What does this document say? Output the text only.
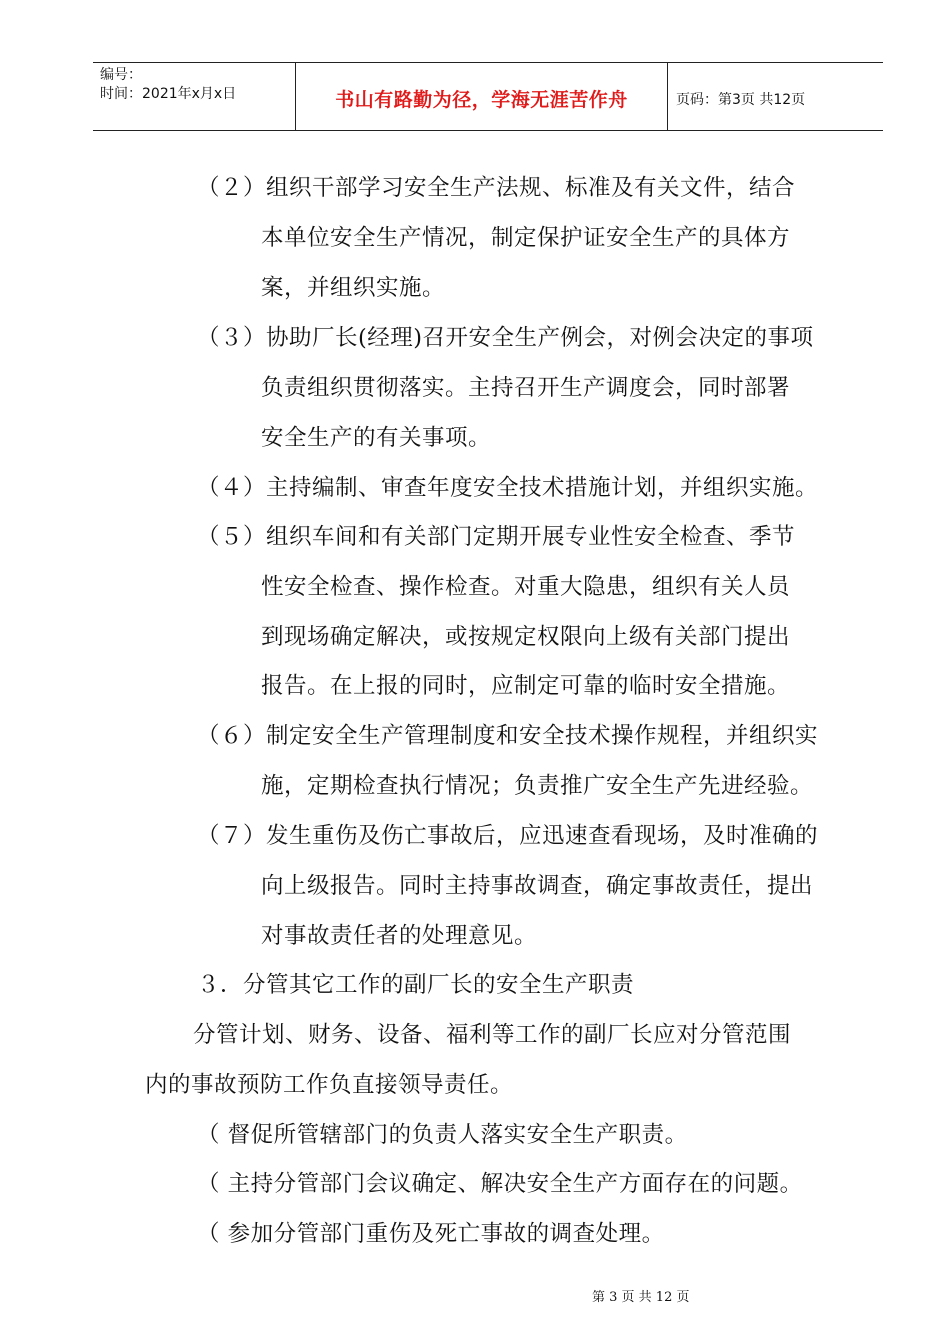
编号：
时间：2021年x月x日	书山有路勤为径，学海无涯苦作舟	页码：第3页 共12页
（２）组织干部学习安全生产法规、标准及有关文件，结合
本单位安全生产情况，制定保护证安全生产的具体方
案，并组织实施。
（３）协助厂长(经理)召开安全生产例会，对例会决定的事项
负责组织贯彻落实。主持召开生产调度会，同时部署
安全生产的有关事项。
（４）主持编制、审查年度安全技术措施计划，并组织实施。
（５）组织车间和有关部门定期开展专业性安全检查、季节
性安全检查、操作检查。对重大隐患，组织有关人员
到现场确定解决，或按规定权限向上级有关部门提出
报告。在上报的同时，应制定可靠的临时安全措施。
（６）制定安全生产管理制度和安全技术操作规程，并组织实
施，定期检查执行情况；负责推广安全生产先进经验。
（７）发生重伤及伤亡事故后，应迅速查看现场，及时准确的
向上级报告。同时主持事故调查，确定事故责任，提出
对事故责任者的处理意见。
３．分管其它工作的副厂长的安全生产职责
分管计划、财务、设备、福利等工作的副厂长应对分管范围
内的事故预防工作负直接领导责任。
（ 督促所管辖部门的负责人落实安全生产职责。
（ 主持分管部门会议确定、解决安全生产方面存在的问题。
（ 参加分管部门重伤及死亡事故的调查处理。
第 3 页 共 12 页
